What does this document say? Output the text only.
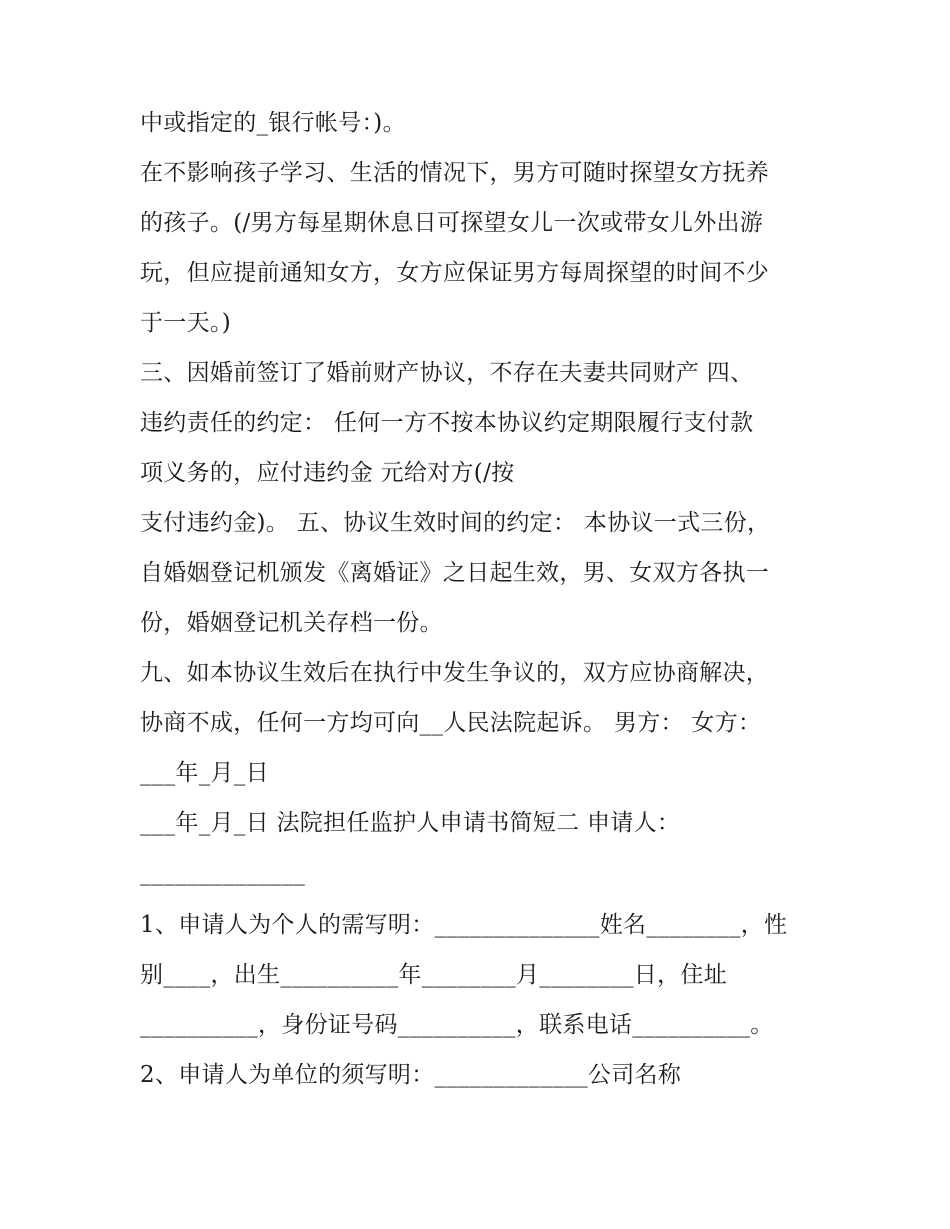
中或指定的_银行帐号：)。
在不影响孩子学习、生活的情况下，男方可随时探望女方抚养
的孩子。(/男方每星期休息日可探望女儿一次或带女儿外出游
玩，但应提前通知女方，女方应保证男方每周探望的时间不少
于一天。)
三、因婚前签订了婚前财产协议，不存在夫妻共同财产 四、
违约责任的约定： 任何一方不按本协议约定期限履行支付款
项义务的，应付违约金 元给对方(/按
支付违约金)。 五、协议生效时间的约定： 本协议一式三份，
自婚姻登记机颁发《离婚证》之日起生效，男、女双方各执一
份，婚姻登记机关存档一份。
九、如本协议生效后在执行中发生争议的，双方应协商解决，
协商不成，任何一方均可向__人民法院起诉。 男方： 女方：
___年_月_日
___年_月_日 法院担任监护人申请书简短二 申请人：
______________
1、申请人为个人的需写明：______________姓名________，性
别____，出生__________年________月________日，住址
__________，身份证号码__________，联系电话__________。
2、申请人为单位的须写明：_____________公司名称
